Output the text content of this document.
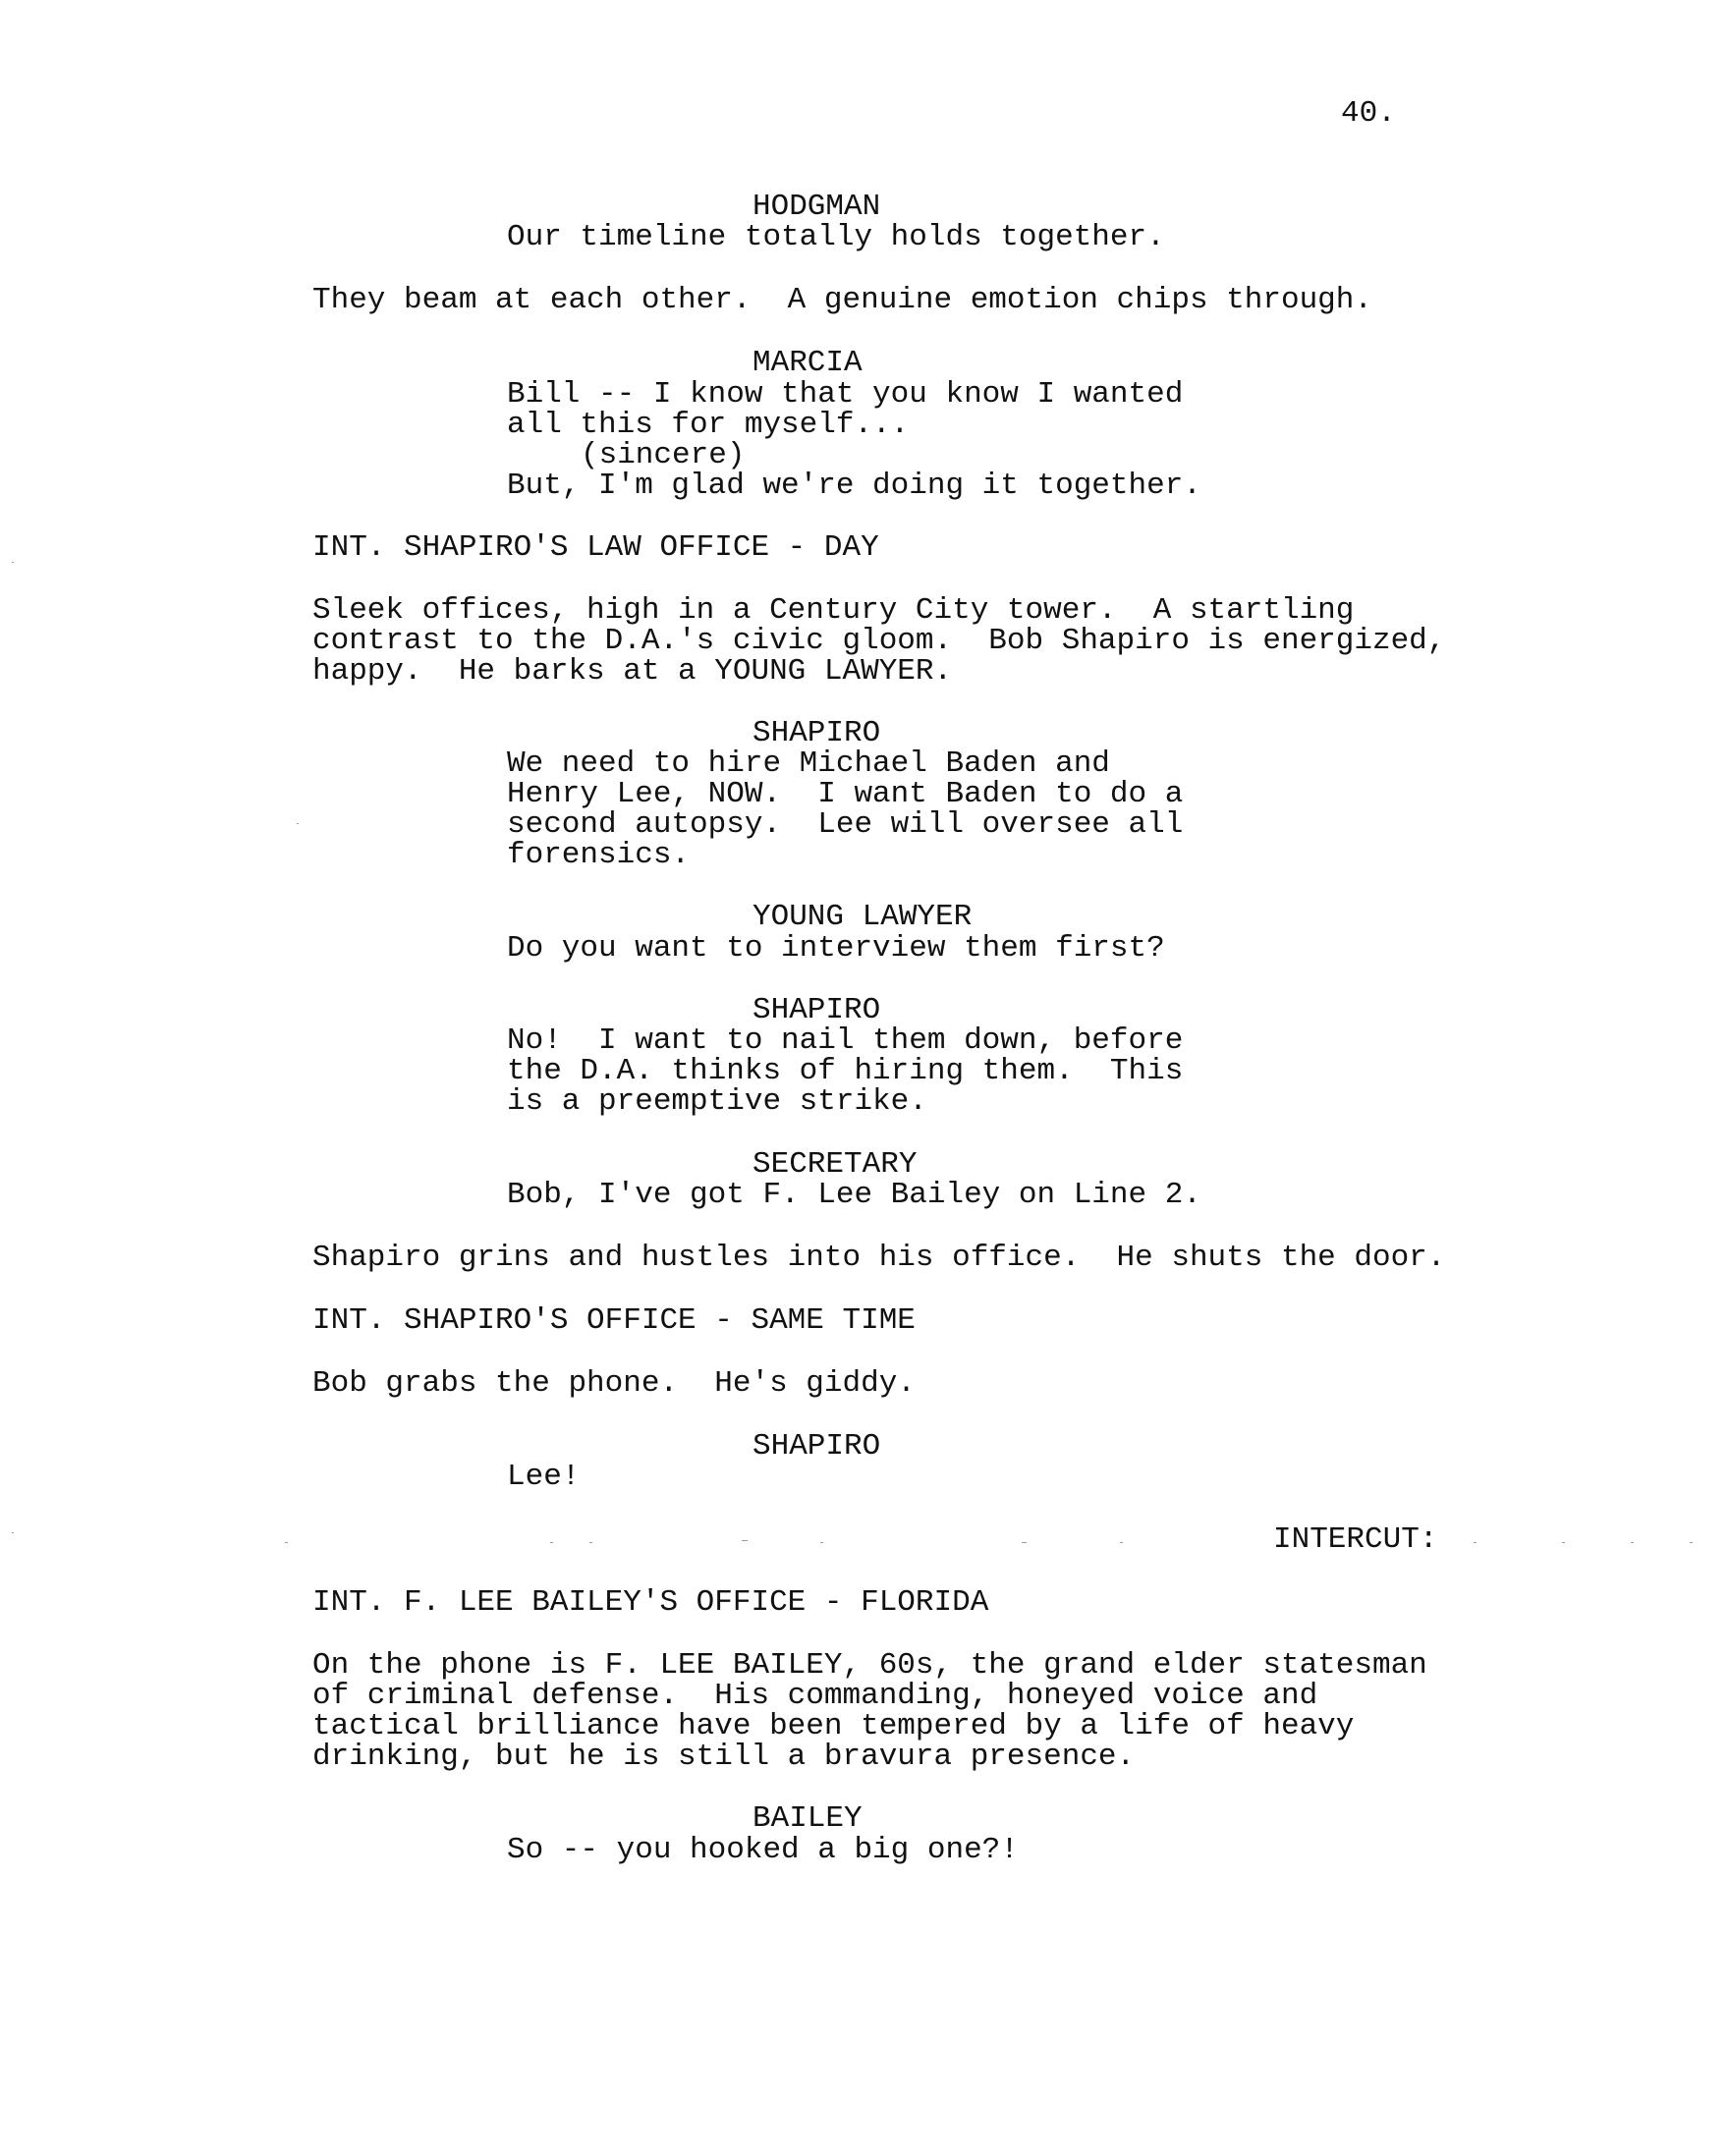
40.
HODGMAN
Our timeline totally holds together.
They beam at each other.  A genuine emotion chips through.
MARCIA
Bill -- I know that you know I wanted
all this for myself...
(sincere)
But, I'm glad we're doing it together.
INT. SHAPIRO'S LAW OFFICE - DAY
Sleek offices, high in a Century City tower.  A startling
contrast to the D.A.'s civic gloom.  Bob Shapiro is energized,
happy.  He barks at a YOUNG LAWYER.
SHAPIRO
We need to hire Michael Baden and
Henry Lee, NOW.  I want Baden to do a
second autopsy.  Lee will oversee all
forensics.
YOUNG LAWYER
Do you want to interview them first?
SHAPIRO
No!  I want to nail them down, before
the D.A. thinks of hiring them.  This
is a preemptive strike.
SECRETARY
Bob, I've got F. Lee Bailey on Line 2.
Shapiro grins and hustles into his office.  He shuts the door.
INT. SHAPIRO'S OFFICE - SAME TIME
Bob grabs the phone.  He's giddy.
SHAPIRO
Lee!
INTERCUT:
INT. F. LEE BAILEY'S OFFICE - FLORIDA
On the phone is F. LEE BAILEY, 60s, the grand elder statesman
of criminal defense.  His commanding, honeyed voice and
tactical brilliance have been tempered by a life of heavy
drinking, but he is still a bravura presence.
BAILEY
So -- you hooked a big one?!
